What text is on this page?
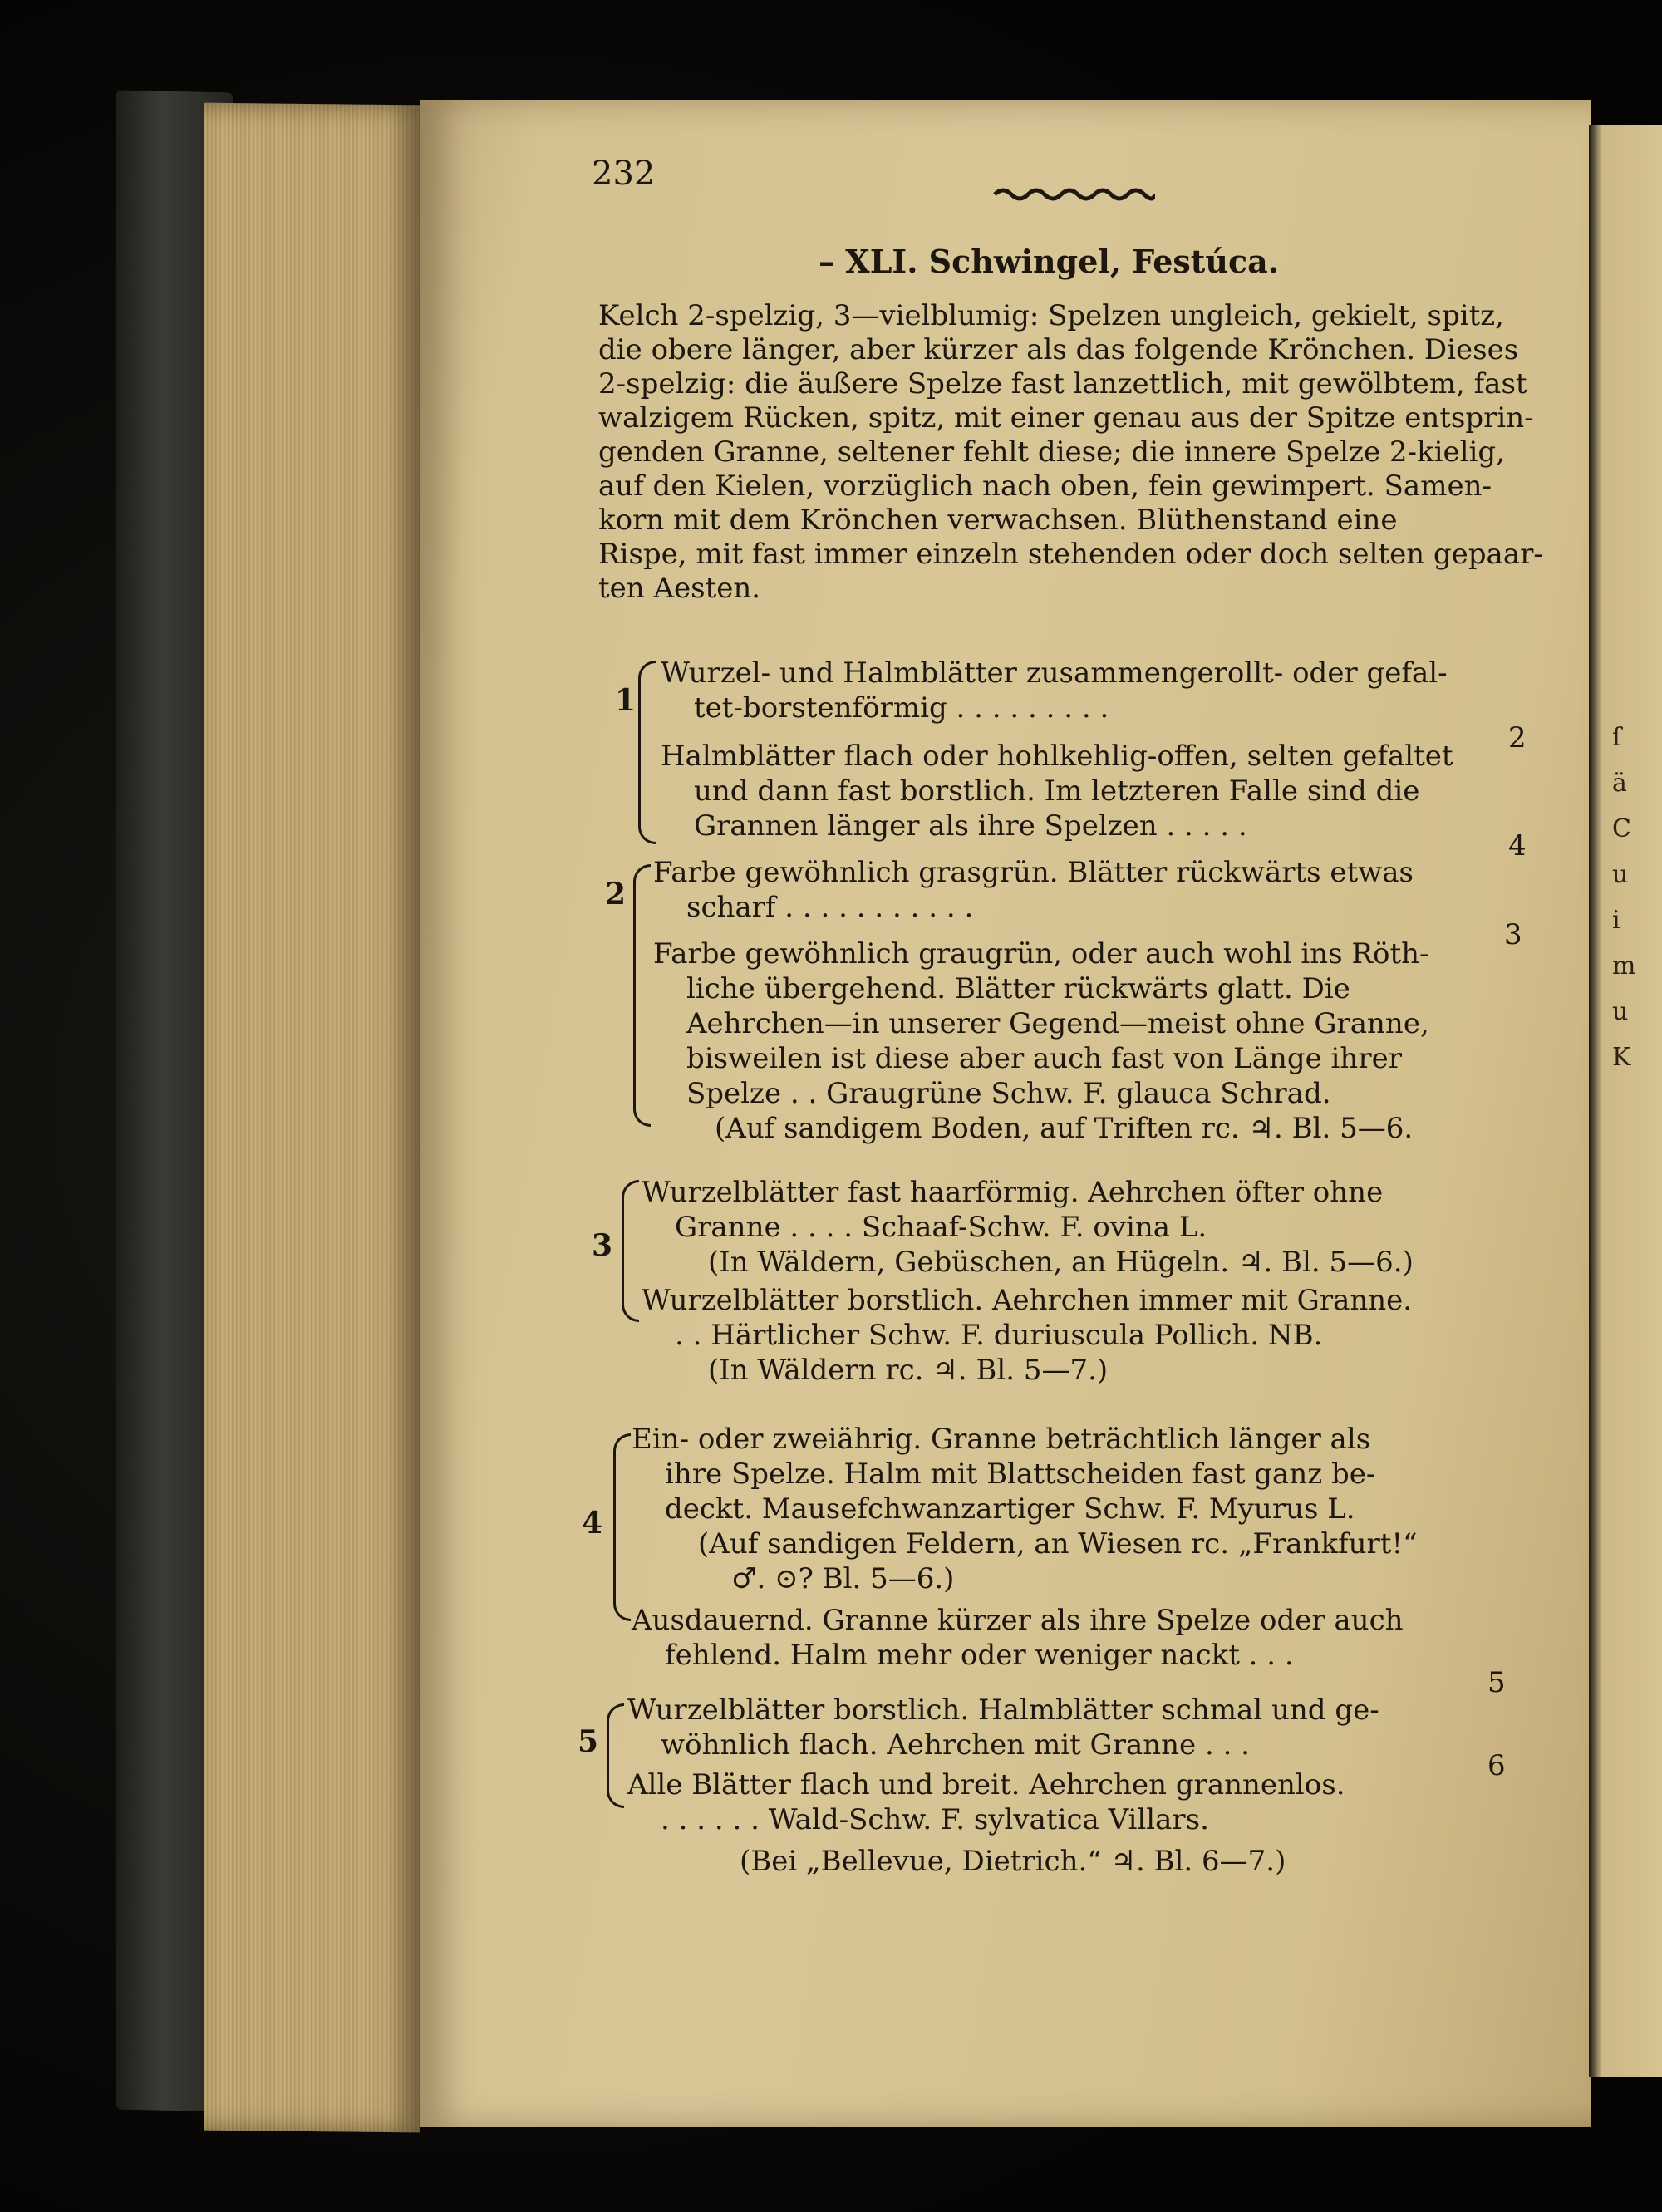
ſ
ä
C
u
i
m
u
K
232
– XLI. Schwingel, Festúca.
Kelch 2-spelzig, 3—vielblumig: Spelzen ungleich, gekielt, spitz,
die obere länger, aber kürzer als das folgende Krönchen. Dieses
2-spelzig: die äußere Spelze fast lanzettlich, mit gewölbtem, fast
walzigem Rücken, spitz, mit einer genau aus der Spitze entsprin-
genden Granne, seltener fehlt diese; die innere Spelze 2-kielig,
auf den Kielen, vorzüglich nach oben, fein gewimpert. Samen-
korn mit dem Krönchen verwachsen. Blüthenstand eine
Rispe, mit fast immer einzeln stehenden oder doch selten gepaar-
ten Aesten.
1
Wurzel- und Halmblätter zusammengerollt- oder gefal-
tet-borstenförmig . . . . . . . . .
2
Halmblätter flach oder hohlkehlig-offen, selten gefaltet
und dann fast borstlich. Im letzteren Falle sind die
Grannen länger als ihre Spelzen . . . . .
4
2
Farbe gewöhnlich grasgrün. Blätter rückwärts etwas
scharf . . . . . . . . . . .
3
Farbe gewöhnlich graugrün, oder auch wohl ins Röth-
liche übergehend. Blätter rückwärts glatt. Die
Aehrchen—in unserer Gegend—meist ohne Granne,
bisweilen ist diese aber auch fast von Länge ihrer
Spelze . . Graugrüne Schw. F. glauca Schrad.
(Auf sandigem Boden, auf Triften rc. ♃. Bl. 5—6.
3
Wurzelblätter fast haarförmig. Aehrchen öfter ohne
Granne . . . . Schaaf-Schw. F. ovina L.
(In Wäldern, Gebüschen, an Hügeln. ♃. Bl. 5—6.)
Wurzelblätter borstlich. Aehrchen immer mit Granne.
. . Härtlicher Schw. F. duriuscula Pollich. NB.
(In Wäldern rc. ♃. Bl. 5—7.)
4
Ein- oder zweiährig. Granne beträchtlich länger als
ihre Spelze. Halm mit Blattscheiden fast ganz be-
deckt. Mausefchwanzartiger Schw. F. Myurus L.
(Auf sandigen Feldern, an Wiesen rc. „Frankfurt!“
♂. ⊙? Bl. 5—6.)
Ausdauernd. Granne kürzer als ihre Spelze oder auch
fehlend. Halm mehr oder weniger nackt . . .
5
5
Wurzelblätter borstlich. Halmblätter schmal und ge-
wöhnlich flach. Aehrchen mit Granne . . .
6
Alle Blätter flach und breit. Aehrchen grannenlos.
. . . . . . Wald-Schw. F. sylvatica Villars.
(Bei „Bellevue, Dietrich.“ ♃. Bl. 6—7.)
